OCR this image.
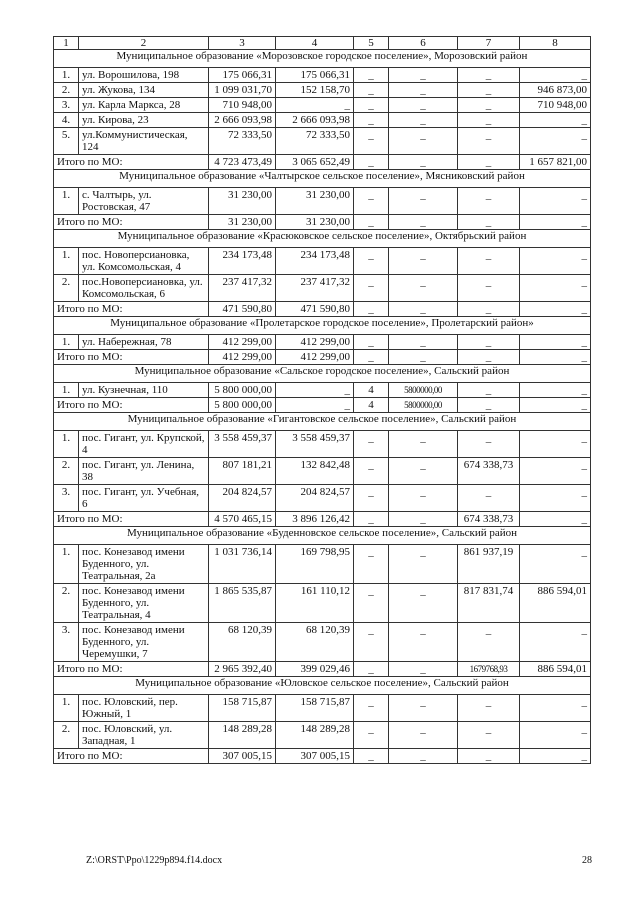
1	2	3	4	5	6	7	8
Муниципальное образование «Морозовское городское поселение», Морозовский район							
1.	ул. Ворошилова, 198	175 066,31	175 066,31	_	_	_	_
2.	ул. Жукова, 134	1 099 031,70	152 158,70	_	_	_	946 873,00
3.	ул. Карла Маркса, 28	710 948,00	_	_	_	_	710 948,00
4.	ул. Кирова, 23	2 666 093,98	2 666 093,98	_	_	_	_
5.	ул.Коммунистическая, 124	72 333,50	72 333,50	_	_	_	_
Итого по МО:		4 723 473,49	3 065 652,49	_	_	_	1 657 821,00
Муниципальное образование «Чалтырское сельское поселение», Мясниковский район							
1.	с. Чалтырь, ул. Ростовская, 47	31 230,00	31 230,00	_	_	_	_
Итого по МО:		31 230,00	31 230,00	_	_	_	_
Муниципальное образование «Красюковское сельское поселение», Октябрьский район							
1.	пос. Новоперсиановка, ул. Комсомольская, 4	234 173,48	234 173,48	_	_	_	_
2.	пос.Новоперсиановка, ул. Комсомольская, 6	237 417,32	237 417,32	_	_	_	_
Итого по МО:		471 590,80	471 590,80	_	_	_	_
Муниципальное образование «Пролетарское городское поселение», Пролетарский район»							
1.	ул. Набережная, 78	412 299,00	412 299,00	_	_	_	_
Итого по МО:		412 299,00	412 299,00	_	_	_	_
Муниципальное образование «Сальское городское поселение», Сальский район							
1.	ул. Кузнечная, 110	5 800 000,00	_	4	5800000,00	_	_
Итого по МО:		5 800 000,00	_	4	5800000,00	_	_
Муниципальное образование «Гигантовское сельское поселение», Сальский район							
1.	пос. Гигант, ул. Крупской, 4	3 558 459,37	3 558 459,37	_	_	_	_
2.	пос. Гигант, ул. Ленина, 38	807 181,21	132 842,48	_	_	674 338,73	_
3.	пос. Гигант, ул. Учебная, 6	204 824,57	204 824,57	_	_	_	_
Итого по МО:		4 570 465,15	3 896 126,42	_	_	674 338,73	_
Муниципальное образование «Буденновское сельское поселение», Сальский район							
1.	пос. Конезавод имени Буденного, ул. Театральная, 2а	1 031 736,14	169 798,95	_	_	861 937,19	_
2.	пос. Конезавод имени Буденного, ул. Театральная, 4	1 865 535,87	161 110,12	_	_	817 831,74	886 594,01
3.	пос. Конезавод имени Буденного, ул. Черемушки, 7	68 120,39	68 120,39	_	_	_	_
Итого по МО:		2 965 392,40	399 029,46	_	_	1679768,93	886 594,01
Муниципальное образование «Юловское сельское поселение», Сальский район							
1.	пос. Юловский, пер. Южный, 1	158 715,87	158 715,87	_	_	_	_
2.	пос. Юловский, ул. Западная, 1	148 289,28	148 289,28	_	_	_	_
Итого по МО:		307 005,15	307 005,15	_	_	_	_
Z:\ORST\Ppo\1229p894.f14.docx	28
